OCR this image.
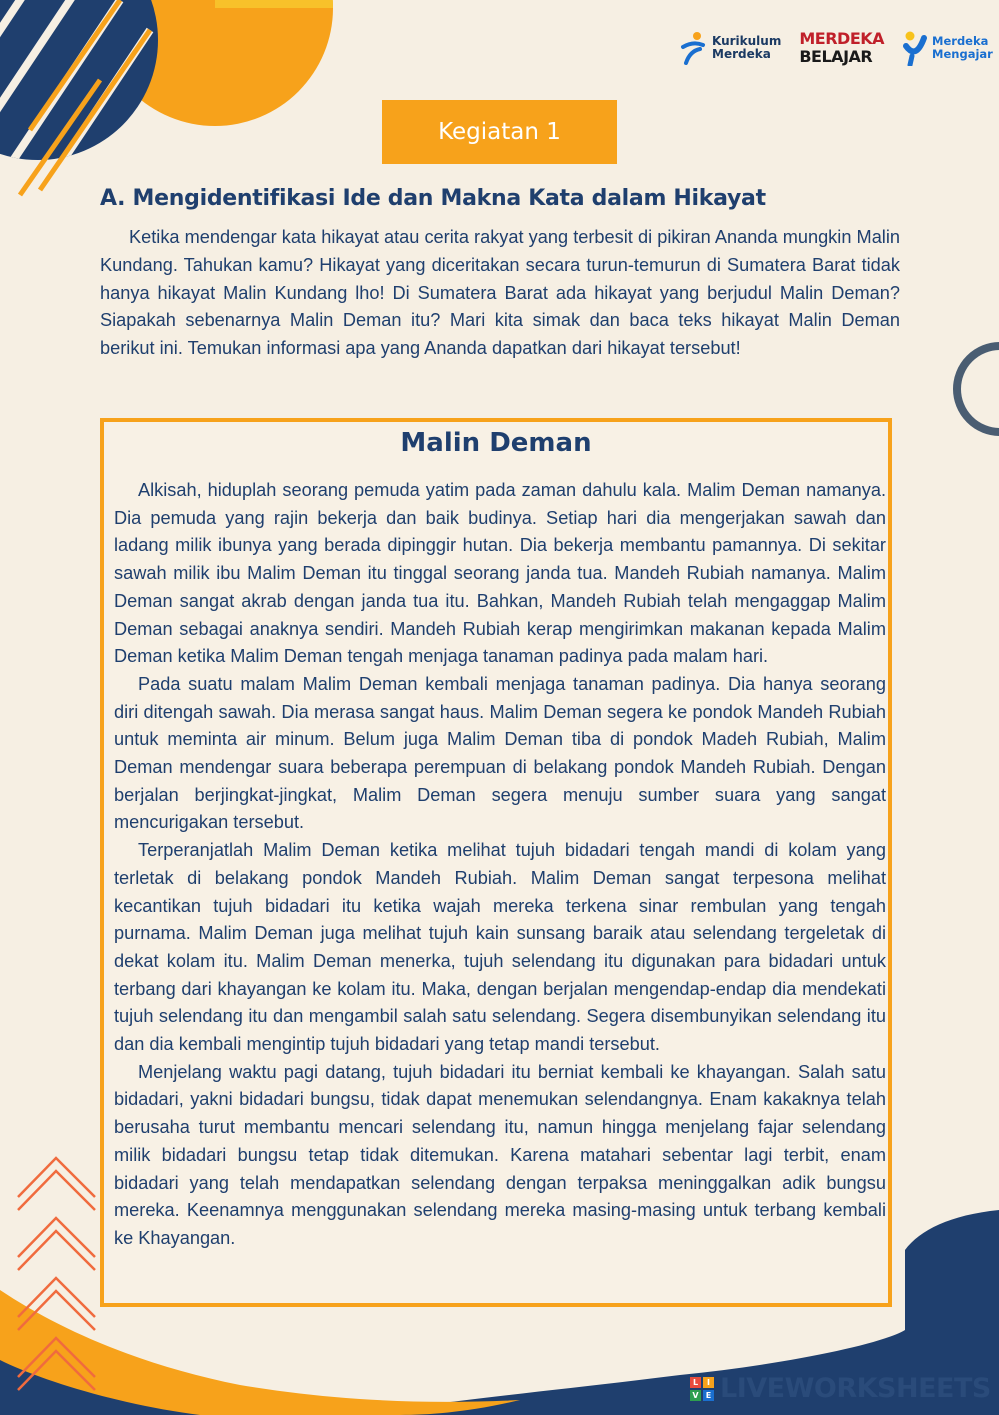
Kurikulum
Merdeka
MERDEKA
BELAJAR
Merdeka
Mengajar
Kegiatan 1
A. Mengidentifikasi Ide dan Makna Kata dalam Hikayat

Ketika mendengar kata hikayat atau cerita rakyat yang terbesit di pikiran Ananda mungkin Malin Kundang. Tahukan kamu? Hikayat yang diceritakan secara turun-temurun di Sumatera Barat tidak hanya hikayat Malin Kundang lho! Di Sumatera Barat ada hikayat yang berjudul Malin Deman? Siapakah sebenarnya Malin Deman itu? Mari kita simak dan baca teks hikayat Malin Deman berikut ini. Temukan informasi apa yang Ananda dapatkan dari hikayat tersebut!

Malin Deman

Alkisah, hiduplah seorang pemuda yatim pada zaman dahulu kala. Malim Deman namanya. Dia pemuda yang rajin bekerja dan baik budinya. Setiap hari dia mengerjakan sawah dan ladang milik ibunya yang berada dipinggir hutan. Dia bekerja membantu pamannya. Di sekitar sawah milik ibu Malim Deman itu tinggal seorang janda tua. Mandeh Rubiah namanya. Malim Deman sangat akrab dengan janda tua itu. Bahkan, Mandeh Rubiah telah mengaggap Malim Deman sebagai anaknya sendiri. Mandeh Rubiah kerap mengirimkan makanan kepada Malim Deman ketika Malim Deman tengah menjaga tanaman padinya pada malam hari.

Pada suatu malam Malim Deman kembali menjaga tanaman padinya. Dia hanya seorang diri ditengah sawah. Dia merasa sangat haus. Malim Deman segera ke pondok Mandeh Rubiah untuk meminta air minum. Belum juga Malim Deman tiba di pondok Madeh Rubiah, Malim Deman mendengar suara beberapa perempuan di belakang pondok Mandeh Rubiah. Dengan berjalan berjingkat-jingkat, Malim Deman segera menuju sumber suara yang sangat mencurigakan tersebut.

Terperanjatlah Malim Deman ketika melihat tujuh bidadari tengah mandi di kolam yang terletak di belakang pondok Mandeh Rubiah. Malim Deman sangat terpesona melihat kecantikan tujuh bidadari itu ketika wajah mereka terkena sinar rembulan yang tengah purnama. Malim Deman juga melihat tujuh kain sunsang baraik atau selendang tergeletak di dekat kolam itu. Malim Deman menerka, tujuh selendang itu digunakan para bidadari untuk terbang dari khayangan ke kolam itu. Maka, dengan berjalan mengendap-endap dia mendekati tujuh selendang itu dan mengambil salah satu selendang. Segera disembunyikan selendang itu dan dia kembali mengintip tujuh bidadari yang tetap mandi tersebut.

Menjelang waktu pagi datang, tujuh bidadari itu berniat kembali ke khayangan. Salah satu bidadari, yakni bidadari bungsu, tidak dapat menemukan selendangnya. Enam kakaknya telah berusaha turut membantu mencari selendang itu, namun hingga menjelang fajar selendang milik bidadari bungsu tetap tidak ditemukan. Karena matahari sebentar lagi terbit, enam bidadari yang telah mendapatkan selendang dengan terpaksa meninggalkan adik bungsu mereka. Keenamnya menggunakan selendang mereka masing-masing untuk terbang kembali ke Khayangan.

L	I
V E LIVEWORKSHEETS
